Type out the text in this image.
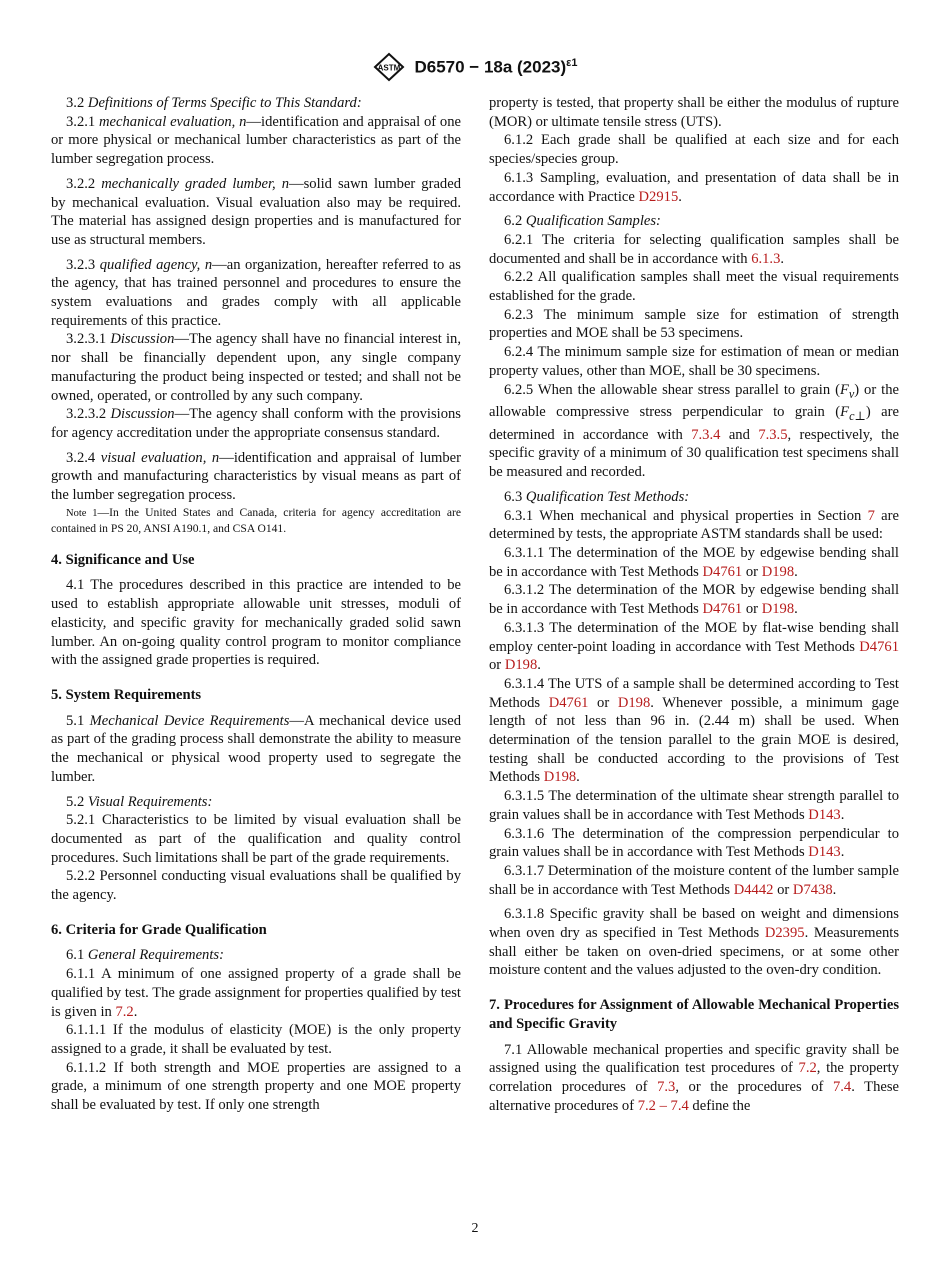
ASTM D6570 − 18a $(2023)^{\varepsilon 1}$

3.2 Definitions of Terms Specific to This Standard:

3.2.1 mechanical evaluation, n—identification and appraisal of one or more physical or mechanical lumber characteristics as part of the lumber segregation process.

3.2.2 mechanically graded lumber, n—solid sawn lumber graded by mechanical evaluation. Visual evaluation also may be required. The material has assigned design properties and is manufactured for use as structural members.

3.2.3 qualified agency, n—an organization, hereafter referred to as the agency, that has trained personnel and procedures to ensure the system evaluations and grades comply with all applicable requirements of this practice.

3.2.3.1 Discussion—The agency shall have no financial interest in, nor shall be financially dependent upon, any single company manufacturing the product being inspected or tested; and shall not be owned, operated, or controlled by any such company.

3.2.3.2 Discussion—The agency shall conform with the provisions for agency accreditation under the appropriate consensus standard.

3.2.4 visual evaluation, n—identification and appraisal of lumber growth and manufacturing characteristics by visual means as part of the lumber segregation process.

Note 1—In the United States and Canada, criteria for agency accreditation are contained in PS 20, ANSI A190.1, and CSA O141.

4. Significance and Use

4.1 The procedures described in this practice are intended to be used to establish appropriate allowable unit stresses, moduli of elasticity, and specific gravity for mechanically graded solid sawn lumber. An on-going quality control program to monitor compliance with the assigned grade properties is required.

5. System Requirements

5.1 Mechanical Device Requirements—A mechanical device used as part of the grading process shall demonstrate the ability to measure the mechanical or physical wood property used to segregate the lumber.

5.2 Visual Requirements:

5.2.1 Characteristics to be limited by visual evaluation shall be documented as part of the qualification and quality control procedures. Such limitations shall be part of the grade requirements.

5.2.2 Personnel conducting visual evaluations shall be qualified by the agency.

6. Criteria for Grade Qualification

6.1 General Requirements:

6.1.1 A minimum of one assigned property of a grade shall be qualified by test. The grade assignment for properties qualified by test is given in 7.2.

6.1.1.1 If the modulus of elasticity (MOE) is the only property assigned to a grade, it shall be evaluated by test.

6.1.1.2 If both strength and MOE properties are assigned to a grade, a minimum of one strength property and one MOE property shall be evaluated by test. If only one strength

property is tested, that property shall be either the modulus of rupture (MOR) or ultimate tensile stress (UTS).

6.1.2 Each grade shall be qualified at each size and for each species/species group.

6.1.3 Sampling, evaluation, and presentation of data shall be in accordance with Practice D2915.

6.2 Qualification Samples:

6.2.1 The criteria for selecting qualification samples shall be documented and shall be in accordance with 6.1.3.

6.2.2 All qualification samples shall meet the visual requirements established for the grade.

6.2.3 The minimum sample size for estimation of strength properties and MOE shall be 53 specimens.

6.2.4 The minimum sample size for estimation of mean or median property values, other than MOE, shall be 30 specimens.

6.2.5 When the allowable shear stress parallel to grain $(F_v)$ or the allowable compressive stress perpendicular to grain $(F_{c\perp})$ are determined in accordance with 7.3.4 and 7.3.5, respectively, the specific gravity of a minimum of 30 qualification test specimens shall be measured and recorded.

6.3 Qualification Test Methods:

6.3.1 When mechanical and physical properties in Section 7 are determined by tests, the appropriate ASTM standards shall be used:

6.3.1.1 The determination of the MOE by edgewise bending shall be in accordance with Test Methods D4761 or D198.

6.3.1.2 The determination of the MOR by edgewise bending shall be in accordance with Test Methods D4761 or D198.

6.3.1.3 The determination of the MOE by flat-wise bending shall employ center-point loading in accordance with Test Methods D4761 or D198.

6.3.1.4 The UTS of a sample shall be determined according to Test Methods D4761 or D198. Whenever possible, a minimum gage length of not less than 96 in. (2.44 m) shall be used. When determination of the tension parallel to the grain MOE is desired, testing shall be conducted according to the provisions of Test Methods D198.

6.3.1.5 The determination of the ultimate shear strength parallel to grain values shall be in accordance with Test Methods D143.

6.3.1.6 The determination of the compression perpendicular to grain values shall be in accordance with Test Methods D143.

6.3.1.7 Determination of the moisture content of the lumber sample shall be in accordance with Test Methods D4442 or D7438.

6.3.1.8 Specific gravity shall be based on weight and dimensions when oven dry as specified in Test Methods D2395. Measurements shall either be taken on oven-dried specimens, or at some other moisture content and the values adjusted to the oven-dry condition.

7. Procedures for Assignment of Allowable Mechanical Properties and Specific Gravity

7.1 Allowable mechanical properties and specific gravity shall be assigned using the qualification test procedures of 7.2, the property correlation procedures of 7.3, or the procedures of 7.4. These alternative procedures of 7.2 – 7.4 define the

2
